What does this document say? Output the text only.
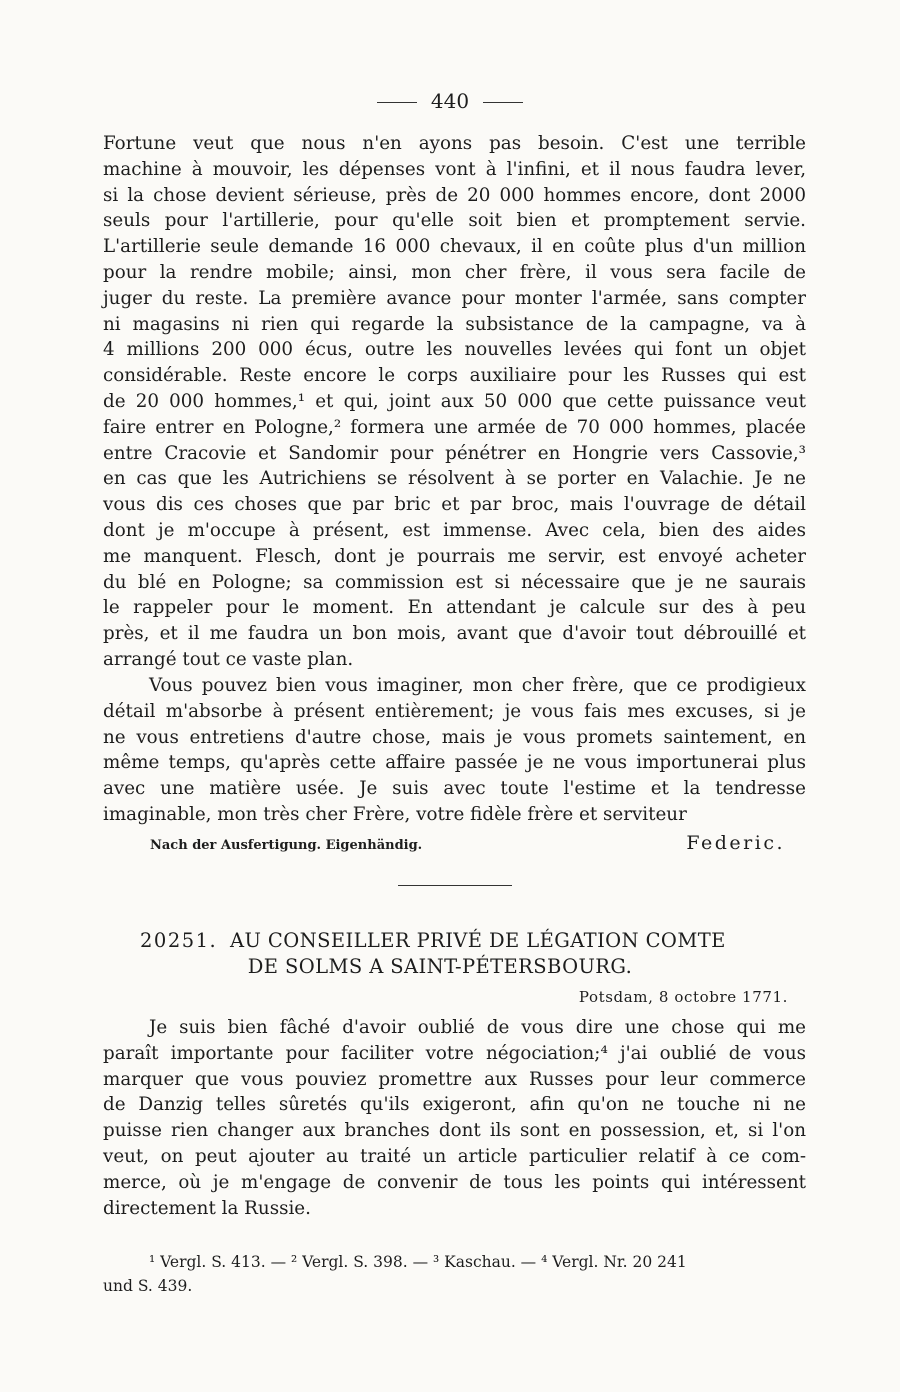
440
Fortune veut que nous n'en ayons pas besoin. C'est une terrible
machine à mouvoir, les dépenses vont à l'infini, et il nous faudra lever,
si la chose devient sérieuse, près de 20 000 hommes encore, dont 2000
seuls pour l'artillerie, pour qu'elle soit bien et promptement servie.
L'artillerie seule demande 16 000 chevaux, il en coûte plus d'un million
pour la rendre mobile; ainsi, mon cher frère, il vous sera facile de
juger du reste. La première avance pour monter l'armée, sans compter
ni magasins ni rien qui regarde la subsistance de la campagne, va à
4 millions 200 000 écus, outre les nouvelles levées qui font un objet
considérable. Reste encore le corps auxiliaire pour les Russes qui est
de 20 000 hommes,¹ et qui, joint aux 50 000 que cette puissance veut
faire entrer en Pologne,² formera une armée de 70 000 hommes, placée
entre Cracovie et Sandomir pour pénétrer en Hongrie vers Cassovie,³
en cas que les Autrichiens se résolvent à se porter en Valachie. Je ne
vous dis ces choses que par bric et par broc, mais l'ouvrage de détail
dont je m'occupe à présent, est immense. Avec cela, bien des aides
me manquent. Flesch, dont je pourrais me servir, est envoyé acheter
du blé en Pologne; sa commission est si nécessaire que je ne saurais
le rappeler pour le moment. En attendant je calcule sur des à peu
près, et il me faudra un bon mois, avant que d'avoir tout débrouillé et
arrangé tout ce vaste plan.
Vous pouvez bien vous imaginer, mon cher frère, que ce prodigieux
détail m'absorbe à présent entièrement; je vous fais mes excuses, si je
ne vous entretiens d'autre chose, mais je vous promets saintement, en
même temps, qu'après cette affaire passée je ne vous importunerai plus
avec une matière usée. Je suis avec toute l'estime et la tendresse
imaginable, mon très cher Frère, votre fidèle frère et serviteur
Nach der Ausfertigung. Eigenhändig.	Federic.
20251. AU CONSEILLER PRIVÉ DE LÉGATION COMTE
DE SOLMS A SAINT-PÉTERSBOURG.
Potsdam, 8 octobre 1771.
Je suis bien fâché d'avoir oublié de vous dire une chose qui me
paraît importante pour faciliter votre négociation;⁴ j'ai oublié de vous
marquer que vous pouviez promettre aux Russes pour leur commerce
de Danzig telles sûretés qu'ils exigeront, afin qu'on ne touche ni ne
puisse rien changer aux branches dont ils sont en possession, et, si l'on
veut, on peut ajouter au traité un article particulier relatif à ce com-
merce, où je m'engage de convenir de tous les points qui intéressent
directement la Russie.
¹ Vergl. S. 413. — ² Vergl. S. 398. — ³ Kaschau. — ⁴ Vergl. Nr. 20 241
und S. 439.
